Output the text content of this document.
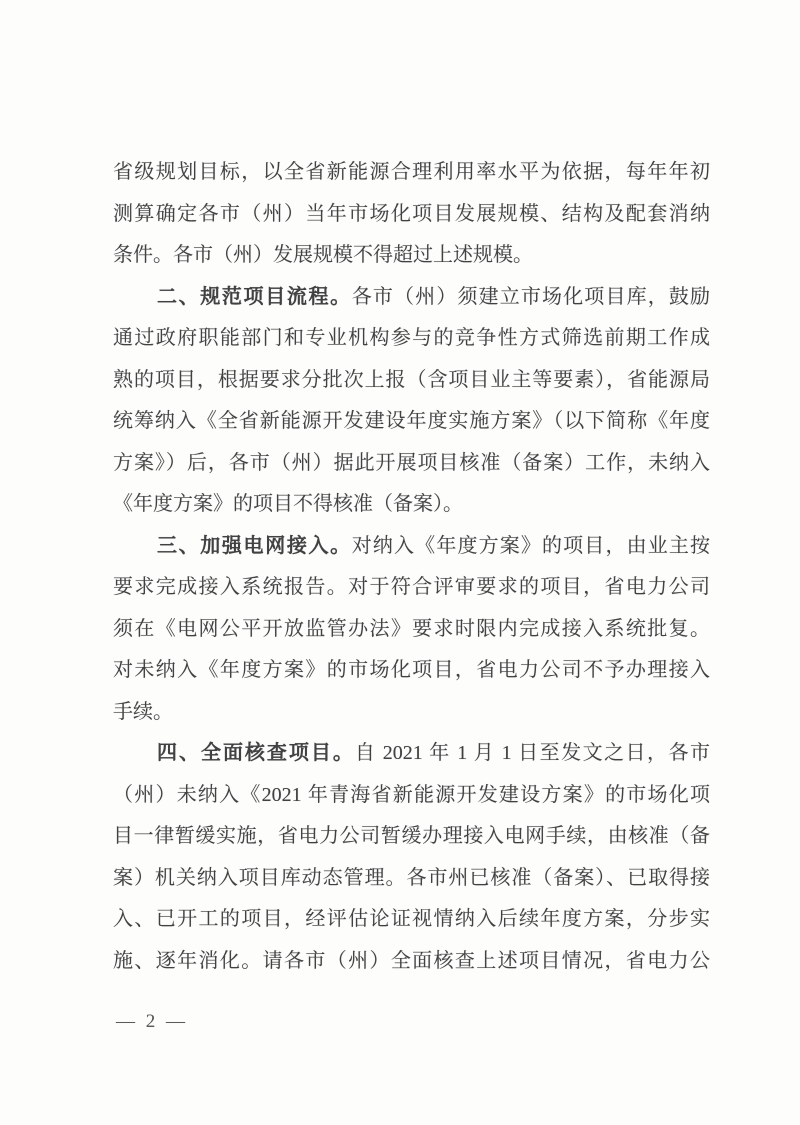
省级规划目标，以全省新能源合理利用率水平为依据，每年年初
测算确定各市（州）当年市场化项目发展规模、结构及配套消纳
条件。各市（州）发展规模不得超过上述规模。
二、规范项目流程。各市（州）须建立市场化项目库，鼓励
通过政府职能部门和专业机构参与的竞争性方式筛选前期工作成
熟的项目，根据要求分批次上报（含项目业主等要素），省能源局
统筹纳入《全省新能源开发建设年度实施方案》（以下简称《年度
方案》）后，各市（州）据此开展项目核准（备案）工作，未纳入
《年度方案》的项目不得核准（备案）。
三、加强电网接入。对纳入《年度方案》的项目，由业主按
要求完成接入系统报告。对于符合评审要求的项目，省电力公司
须在《电网公平开放监管办法》要求时限内完成接入系统批复。
对未纳入《年度方案》的市场化项目，省电力公司不予办理接入
手续。
四、全面核查项目。自 2021 年 1 月 1 日至发文之日，各市
（州）未纳入《2021 年青海省新能源开发建设方案》的市场化项
目一律暂缓实施，省电力公司暂缓办理接入电网手续，由核准（备
案）机关纳入项目库动态管理。各市州已核准（备案）、已取得接
入、已开工的项目，经评估论证视情纳入后续年度方案，分步实
施、逐年消化。请各市（州）全面核查上述项目情况，省电力公
— 2 —
